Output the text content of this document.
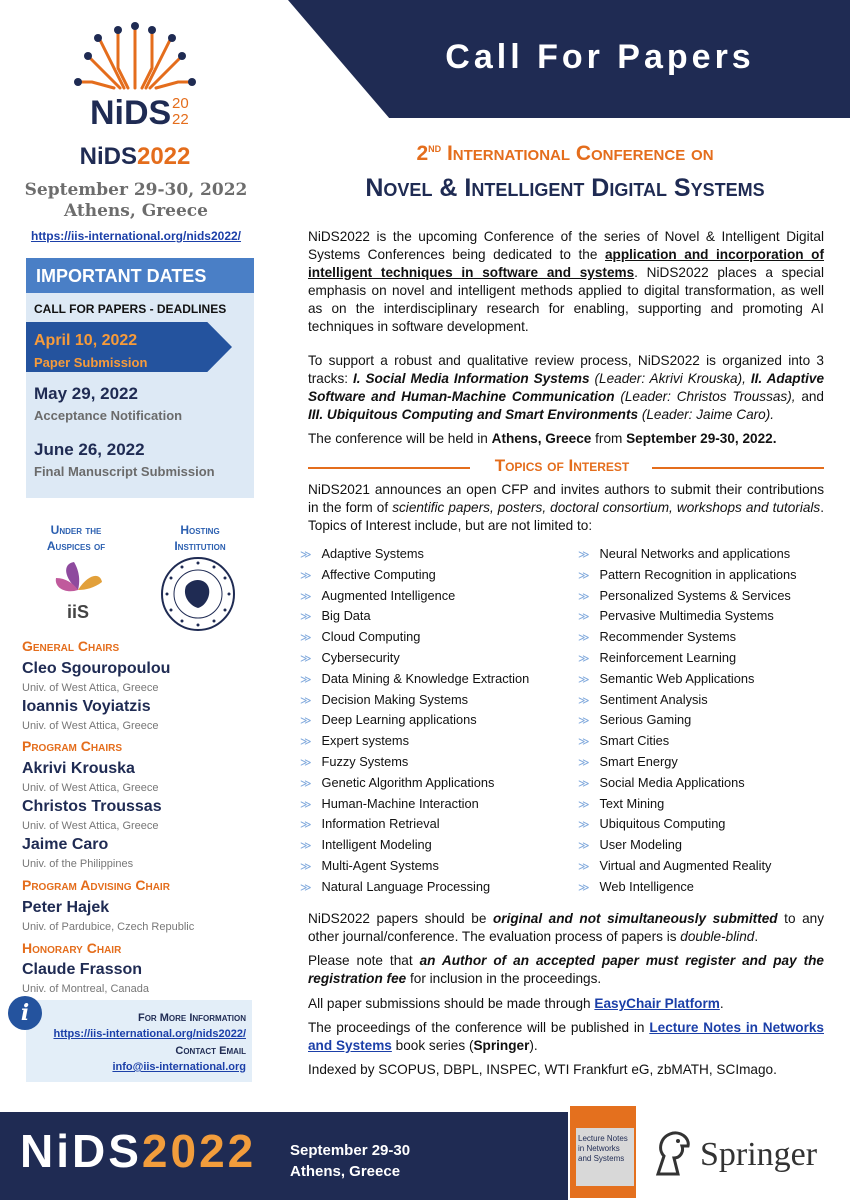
Call For Papers
NiDS 20
22
NiDS2022
September 29-30, 2022
Athens, Greece
https://iis-international.org/nids2022/
IMPORTANT DATES
CALL FOR PAPERS - DEADLINES
April 10, 2022
Paper Submission
May 29, 2022
Acceptance Notification
June 26, 2022
Final Manuscript Submission
Under the
Auspices of
Hosting
Institution
iiS
General Chairs
Cleo Sgouropoulou
Univ. of West Attica, Greece
Ioannis Voyiatzis
Univ. of West Attica, Greece
Program Chairs
Akrivi Krouska
Univ. of West Attica, Greece
Christos Troussas
Univ. of West Attica, Greece
Jaime Caro
Univ. of the Philippines
Program Advising Chair
Peter Hajek
Univ. of Pardubice, Czech Republic
Honorary Chair
Claude Frasson
Univ. of Montreal, Canada
i	For More Information
https://iis-international.org/nids2022/
Contact Email
info@iis-international.org
2nd International Conference on
Novel & Intelligent Digital Systems
NiDS2022 is the upcoming Conference of the series of Novel & Intelligent Digital Systems Conferences being dedicated to the application and incorporation of intelligent techniques in software and systems. NiDS2022 places a special emphasis on novel and intelligent methods applied to digital transformation, as well as on the interdisciplinary research for enabling, supporting and promoting AI techniques in software development.
To support a robust and qualitative review process, NiDS2022 is organized into 3 tracks: I. Social Media Information Systems (Leader: Akrivi Krouska), II. Adaptive Software and Human-Machine Communication (Leader: Christos Troussas), and III. Ubiquitous Computing and Smart Environments (Leader: Jaime Caro).
The conference will be held in Athens, Greece from September 29-30, 2022.
Topics of Interest
NiDS2021 announces an open CFP and invites authors to submit their contributions in the form of scientific papers, posters, doctoral consortium, workshops and tutorials. Topics of Interest include, but are not limited to:
≫ Adaptive Systems
≫ Affective Computing
≫ Augmented Intelligence
≫ Big Data
≫ Cloud Computing
≫ Cybersecurity
≫ Data Mining & Knowledge Extraction
≫ Decision Making Systems
≫ Deep Learning applications
≫ Expert systems
≫ Fuzzy Systems
≫ Genetic Algorithm Applications
≫ Human-Machine Interaction
≫ Information Retrieval
≫ Intelligent Modeling
≫ Multi-Agent Systems
≫ Natural Language Processing
≫ Neural Networks and applications
≫ Pattern Recognition in applications
≫ Personalized Systems & Services
≫ Pervasive Multimedia Systems
≫ Recommender Systems
≫ Reinforcement Learning
≫ Semantic Web Applications
≫ Sentiment Analysis
≫ Serious Gaming
≫ Smart Cities
≫ Smart Energy
≫ Social Media Applications
≫ Text Mining
≫ Ubiquitous Computing
≫ User Modeling
≫ Virtual and Augmented Reality
≫ Web Intelligence
NiDS2022 papers should be original and not simultaneously submitted to any other journal/conference. The evaluation process of papers is double-blind.
Please note that an Author of an accepted paper must register and pay the registration fee for inclusion in the proceedings.
All paper submissions should be made through EasyChair Platform.
The proceedings of the conference will be published in Lecture Notes in Networks and Systems book series (Springer).
Indexed by SCOPUS, DBPL, INSPEC, WTI Frankfurt eG, zbMATH, SCImago.
NiDS2022 September 29-30
Athens, Greece
Lecture Notes in Networks and Systems Springer
